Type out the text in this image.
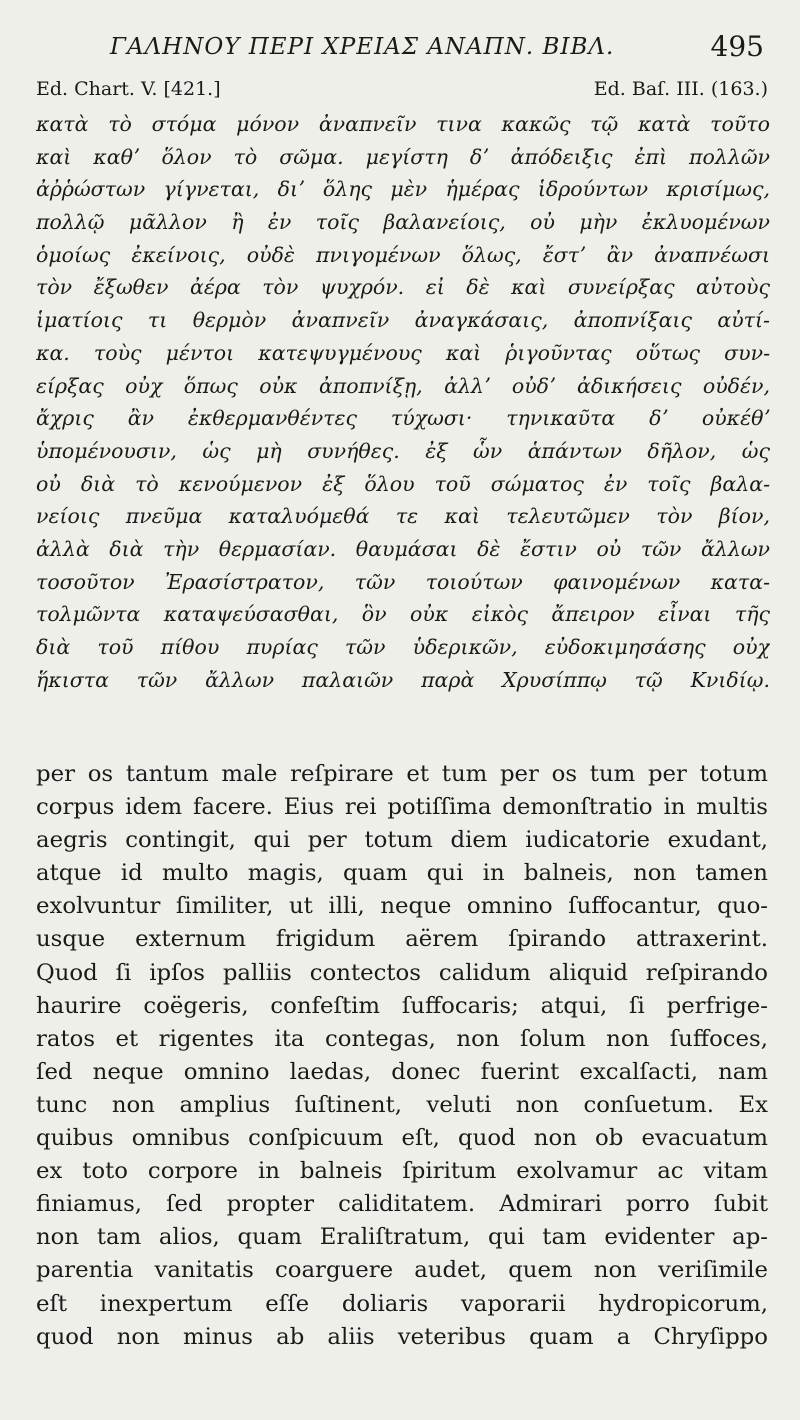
ΓΑΛΗΝΟΥ ΠΕΡΙ ΧΡΕΙΑΣ ΑΝΑΠΝ. ΒΙΒΛ.	495
Ed. Chart. V. [421.]	Ed. Baſ. III. (163.)
κατὰ τὸ στόμα μόνον ἀναπνεῖν τινα κακῶς τῷ κατὰ τοῦτο
καὶ καθʼ ὅλον τὸ σῶμα. μεγίστη δʼ ἀπόδειξις ἐπὶ πολλῶν
ἀῤῥώστων γίγνεται, διʼ ὅλης μὲν ἡμέρας ἱδρούντων κρισίμως,
πολλῷ μᾶλλον ἢ ἐν τοῖς βαλανείοις, οὐ μὴν ἐκλυομένων
ὁμοίως ἐκείνοις, οὐδὲ πνιγομένων ὅλως, ἔστʼ ἂν ἀναπνέωσι
τὸν ἔξωθεν ἀέρα τὸν ψυχρόν. εἰ δὲ καὶ συνείρξας αὐτοὺς
ἱματίοις τι θερμὸν ἀναπνεῖν ἀναγκάσαις, ἀποπνίξαις αὐτί-
κα. τοὺς μέντοι κατεψυγμένους καὶ ῥιγοῦντας οὕτως συν-
είρξας οὐχ ὅπως οὐκ ἀποπνίξῃ, ἀλλʼ οὐδʼ ἀδικήσεις οὐδέν,
ἄχρις ἂν ἐκθερμανθέντες τύχωσι· τηνικαῦτα δʼ οὐκέθʼ
ὑπομένουσιν, ὡς μὴ συνήθες. ἐξ ὧν ἁπάντων δῆλον, ὡς
οὐ διὰ τὸ κενούμενον ἐξ ὅλου τοῦ σώματος ἐν τοῖς βαλα-
νείοις πνεῦμα καταλυόμεθά τε καὶ τελευτῶμεν τὸν βίον,
ἀλλὰ διὰ τὴν θερμασίαν. θαυμάσαι δὲ ἔστιν οὐ τῶν ἄλλων
τοσοῦτον Ἐρασίστρατον, τῶν τοιούτων φαινομένων κατα-
τολμῶντα καταψεύσασθαι, ὃν οὐκ εἰκὸς ἄπειρον εἶναι τῆς
διὰ τοῦ πίθου πυρίας τῶν ὑδερικῶν, εὐδοκιμησάσης οὐχ
ἥκιστα τῶν ἄλλων παλαιῶν παρὰ Χρυσίππῳ τῷ Κνιδίῳ.
per os tantum male reſpirare et tum per os tum per totum
corpus idem facere. Eius rei potiſſima demonſtratio in multis
aegris contingit, qui per totum diem iudicatorie exudant,
atque id multo magis, quam qui in balneis, non tamen
exolvuntur ſimiliter, ut illi, neque omnino ſuffocantur, quo-
usque externum frigidum aërem ſpirando attraxerint.
Quod ſi ipſos palliis contectos calidum aliquid reſpirando
haurire coëgeris, confeſtim ſuffocaris; atqui, ſi perfrige-
ratos et rigentes ita contegas, non ſolum non ſuffoces,
ſed neque omnino laedas, donec fuerint excalſacti, nam
tunc non amplius ſuſtinent, veluti non conſuetum. Ex
quibus omnibus conſpicuum eſt, quod non ob evacuatum
ex toto corpore in balneis ſpiritum exolvamur ac vitam
finiamus, ſed propter caliditatem. Admirari porro ſubit
non tam alios, quam Eraliſtratum, qui tam evidenter ap-
parentia vanitatis coarguere audet, quem non veriſimile
eſt inexpertum eſſe doliaris vaporarii hydropicorum,
quod non minus ab aliis veteribus quam a Chryſippo
